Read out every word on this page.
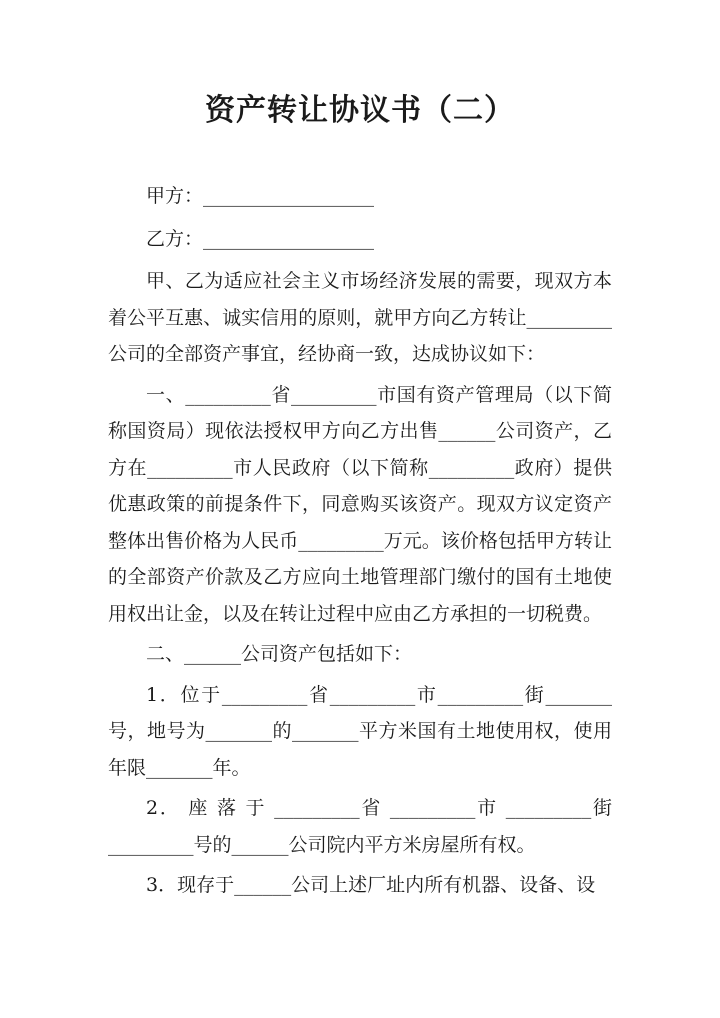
资产转让协议书（二）

甲方：__________________

乙方：__________________

甲、乙为适应社会主义市场经济发展的需要，现双方本着公平互惠、诚实信用的原则，就甲方向乙方转让_________公司的全部资产事宜，经协商一致，达成协议如下：

一、_________省_________市国有资产管理局（以下简称国资局）现依法授权甲方向乙方出售______公司资产，乙方在_________市人民政府（以下简称_________政府）提供优惠政策的前提条件下，同意购买该资产。现双方议定资产整体出售价格为人民币_________万元。该价格包括甲方转让的全部资产价款及乙方应向土地管理部门缴付的国有土地使用权出让金，以及在转让过程中应由乙方承担的一切税费。

二、______公司资产包括如下：

1．位于_________省_________市_________街_______号，地号为_______的_______平方米国有土地使用权，使用年限_______年。

2． 座 落 于 _________省 _________市 _________街_________号的______公司院内平方米房屋所有权。

3．现存于______公司上述厂址内所有机器、设备、设
